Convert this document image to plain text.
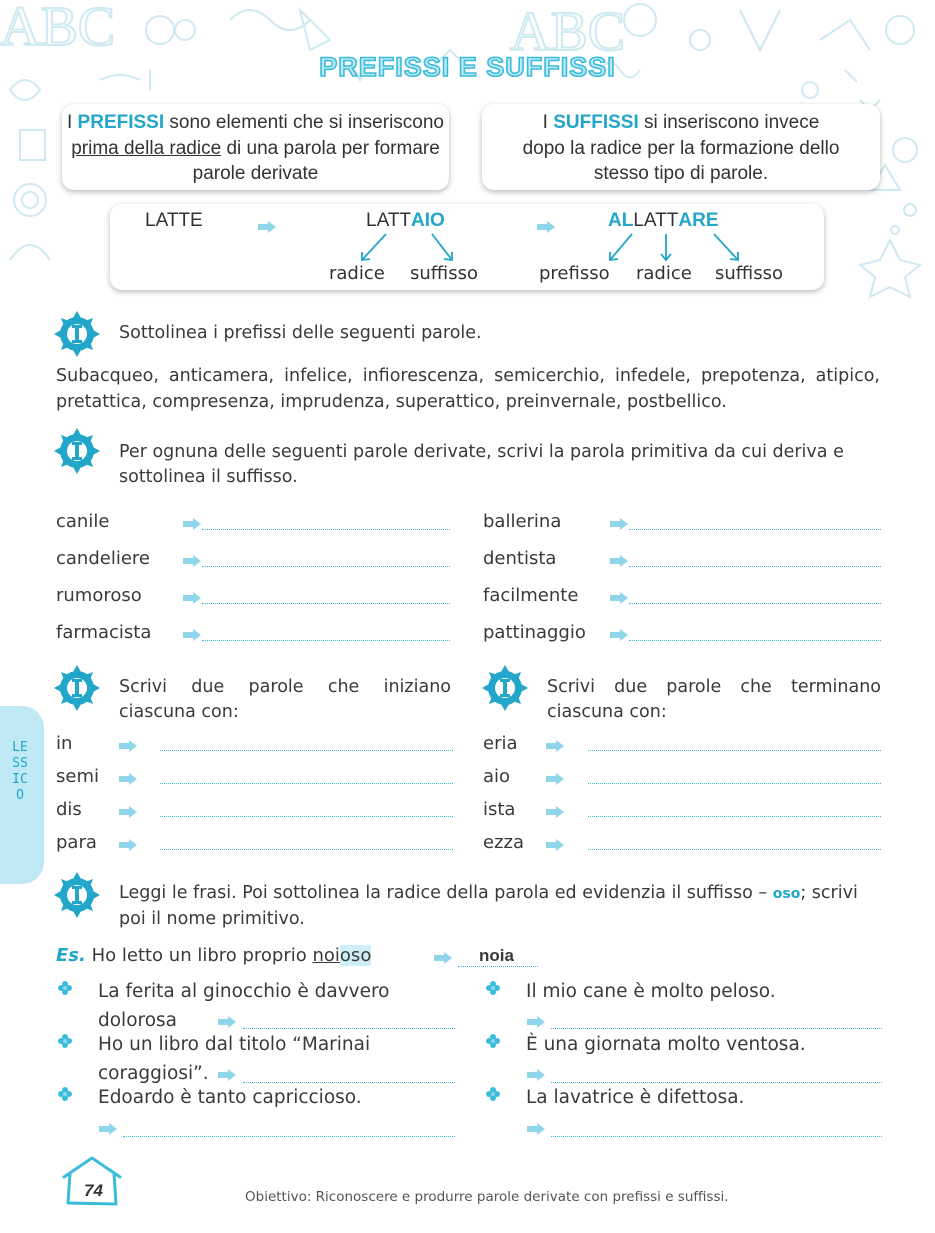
ABC	ABC
PREFISSI E SUFFISSI
I PREFISSI sono elementi che si inseriscono prima della radice di una parola per formare parole derivate
I SUFFISSI si inseriscono invece dopo la radice per la formazione dello stesso tipo di parole.
LATTE	LATTAIO	ALLATTARE
radice suffisso	prefisso radice suffisso
Sottolinea i prefissi delle seguenti parole.
Subacqueo, anticamera, infelice, infiorescenza, semicerchio, infedele, prepotenza, atipico, pretattica, compresenza, imprudenza, superattico, preinvernale, postbellico.
Per ognuna delle seguenti parole derivate, scrivi la parola primitiva da cui deriva e sottolinea il suffisso.
canile
candeliere
rumoroso
farmacista
ballerina
dentista
facilmente
pattinaggio
Scrivi due parole che iniziano ciascuna con:
Scrivi due parole che terminano ciascuna con:
in
semi
dis
para
eria
aio
ista
ezza
LESSICO
Leggi le frasi. Poi sottolinea la radice della parola ed evidenzia il suffisso – oso; scrivi poi il nome primitivo.
Es. Ho letto un libro proprio noioso	noia
La ferita al ginocchio è davvero dolorosa
Ho un libro dal titolo “Marinai coraggiosi”.
Edoardo è tanto capriccioso.
Il mio cane è molto peloso.
È una giornata molto ventosa.
La lavatrice è difettosa.
74	Obiettivo: Riconoscere e produrre parole derivate con prefissi e suffissi.
